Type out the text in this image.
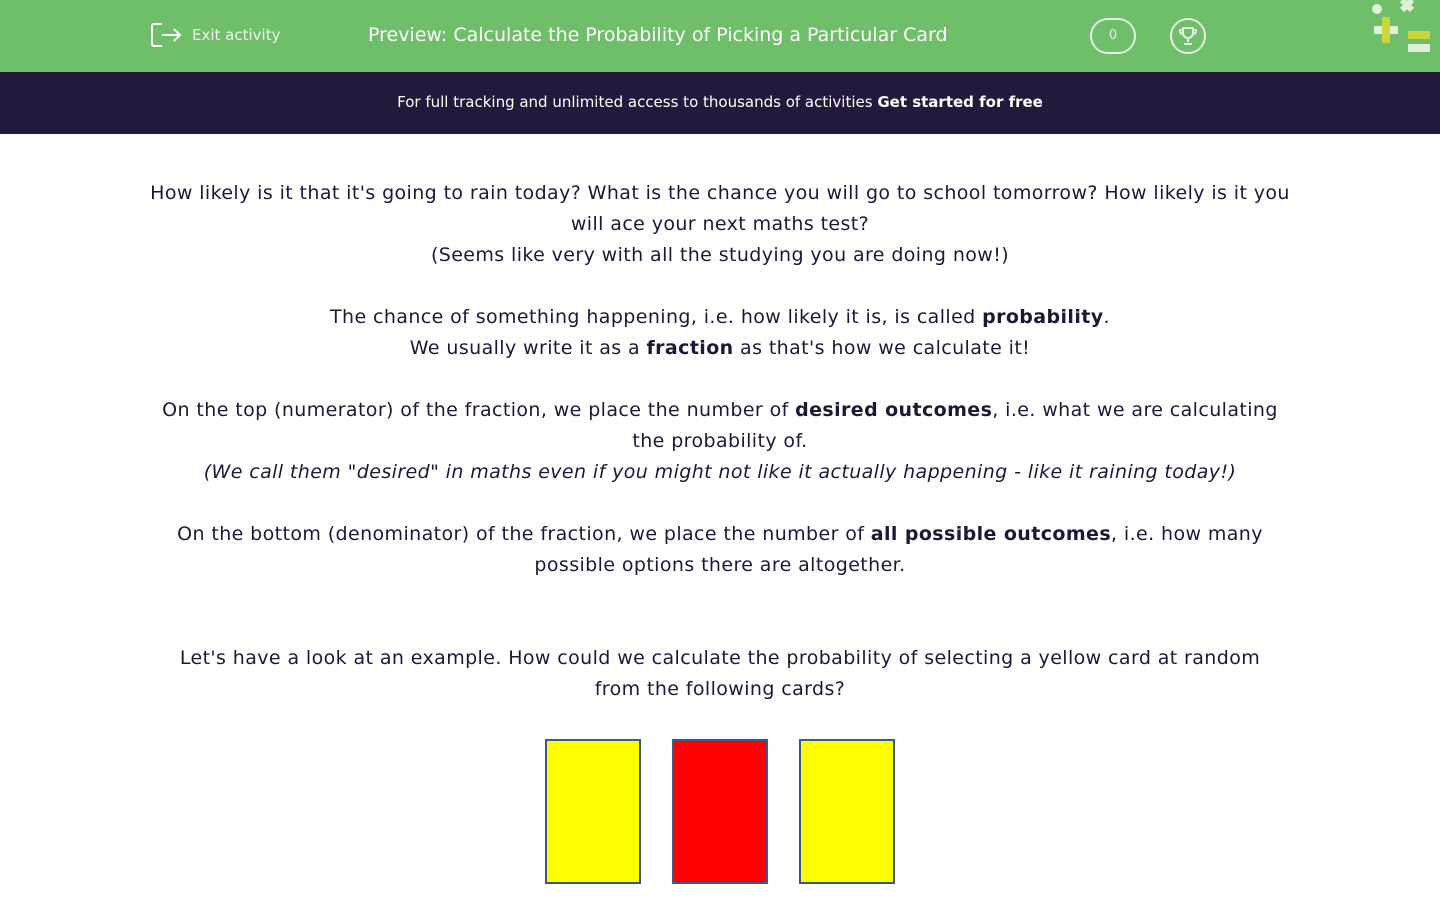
Exit activity	Preview: Calculate the Probability of Picking a Particular Card	0
For full tracking and unlimited access to thousands of activities Get started for free

How likely is it that it's going to rain today? What is the chance you will go to school tomorrow? How likely is it you will ace your next maths test?
(Seems like very with all the studying you are doing now!)

The chance of something happening, i.e. how likely it is, is called probability.
We usually write it as a fraction as that's how we calculate it!

On the top (numerator) of the fraction, we place the number of desired outcomes, i.e. what we are calculating the probability of.
(We call them "desired" in maths even if you might not like it actually happening - like it raining today!)

On the bottom (denominator) of the fraction, we place the number of all possible outcomes, i.e. how many possible options there are altogether.

Let's have a look at an example. How could we calculate the probability of selecting a yellow card at random from the following cards?
